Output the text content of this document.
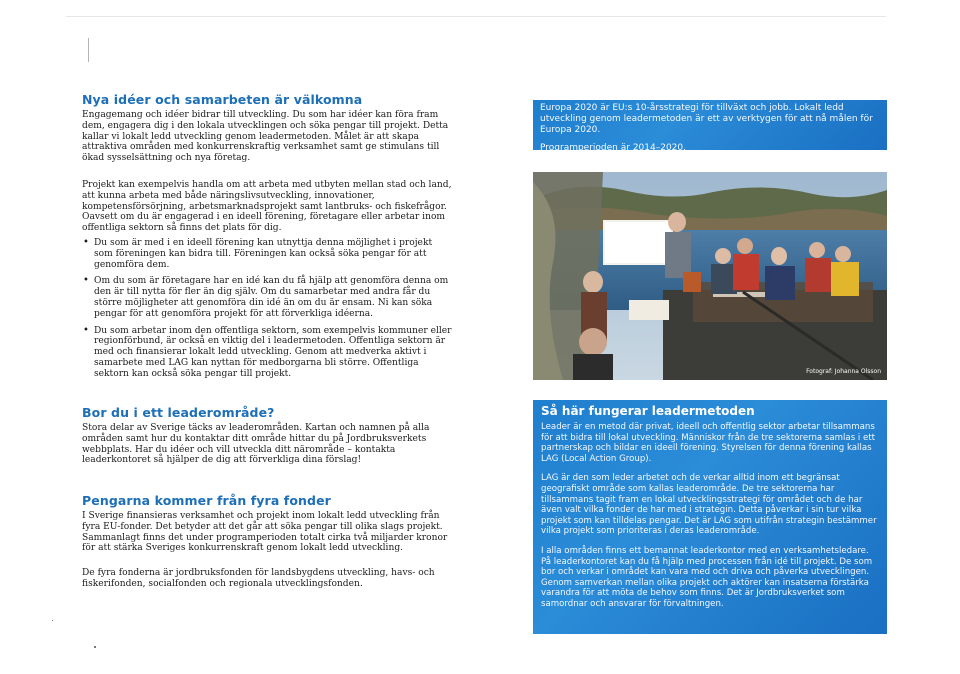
Nya idéer och samarbeten är välkomna

Engagemang och idéer bidrar till utveckling. Du som har idéer kan föra fram dem, engagera dig i den lokala utvecklingen och söka pengar till projekt. Detta kallar vi lokalt ledd utveckling genom leadermetoden. Målet är att skapa attraktiva områden med konkurrenskraftig verksamhet samt ge stimulans till ökad sysselsättning och nya företag.

Projekt kan exempelvis handla om att arbeta med utbyten mellan stad och land, att kunna arbeta med både näringslivsutveckling, innovationer, kompetensförsörjning, arbetsmarknadsprojekt samt lantbruks- och fiskefrågor. Oavsett om du är engagerad i en ideell förening, företagare eller arbetar inom offentliga sektorn så finns det plats för dig.

• Du som är med i en ideell förening kan utnyttja denna möjlighet i projekt som föreningen kan bidra till. Föreningen kan också söka pengar för att genomföra dem.
• Om du som är företagare har en idé kan du få hjälp att genomföra denna om den är till nytta för fler än dig själv. Om du samarbetar med andra får du större möjligheter att genomföra din idé än om du är ensam. Ni kan söka pengar för att genomföra projekt för att förverkliga idéerna.
• Du som arbetar inom den offentliga sektorn, som exempelvis kommuner eller regionförbund, är också en viktig del i leadermetoden. Offentliga sektorn är med och finansierar lokalt ledd utveckling. Genom att medverka aktivt i samarbete med LAG kan nyttan för medborgarna bli större. Offentliga sektorn kan också söka pengar till projekt.
Bor du i ett leaderområde?

Stora delar av Sverige täcks av leaderområden. Kartan och namnen på alla områden samt hur du kontaktar ditt område hittar du på Jordbruksverkets webbplats. Har du idéer och vill utveckla ditt närområde – kontakta leaderkontoret så hjälper de dig att förverkliga dina förslag!

Pengarna kommer från fyra fonder

I Sverige finansieras verksamhet och projekt inom lokalt ledd utveckling från fyra EU-fonder. Det betyder att det går att söka pengar till olika slags projekt. Sammanlagt finns det under programperioden totalt cirka två miljarder kronor för att stärka Sveriges konkurrenskraft genom lokalt ledd utveckling.

De fyra fonderna är jordbruksfonden för landsbygdens utveckling, havs- och fiskerifonden, socialfonden och regionala utvecklingsfonden.

Europa 2020 är EU:s 10-årsstrategi för tillväxt och jobb. Lokalt ledd utveckling genom leadermetoden är ett av verktygen för att nå målen för Europa 2020.

Programperioden är 2014–2020.

Fotograf: Johanna Olsson
Så här fungerar leadermetoden

Leader är en metod där privat, ideell och offentlig sektor arbetar tillsammans för att bidra till lokal utveckling. Människor från de tre sektorerna samlas i ett partnerskap och bildar en ideell förening. Styrelsen för denna förening kallas LAG (Local Action Group).

LAG är den som leder arbetet och de verkar alltid inom ett begränsat geografiskt område som kallas leaderområde. De tre sektorerna har tillsammans tagit fram en lokal utvecklingsstrategi för området och de har även valt vilka fonder de har med i strategin. Detta påverkar i sin tur vilka projekt som kan tilldelas pengar. Det är LAG som utifrån strategin bestämmer vilka projekt som prioriteras i deras leaderområde.

I alla områden finns ett bemannat leaderkontor med en verksamhetsledare. På leaderkontoret kan du få hjälp med processen från idé till projekt. De som bor och verkar i området kan vara med och driva och påverka utvecklingen. Genom samverkan mellan olika projekt och aktörer kan insatserna förstärka varandra för att möta de behov som finns. Det är Jordbruksverket som samordnar och ansvarar för förvaltningen.
